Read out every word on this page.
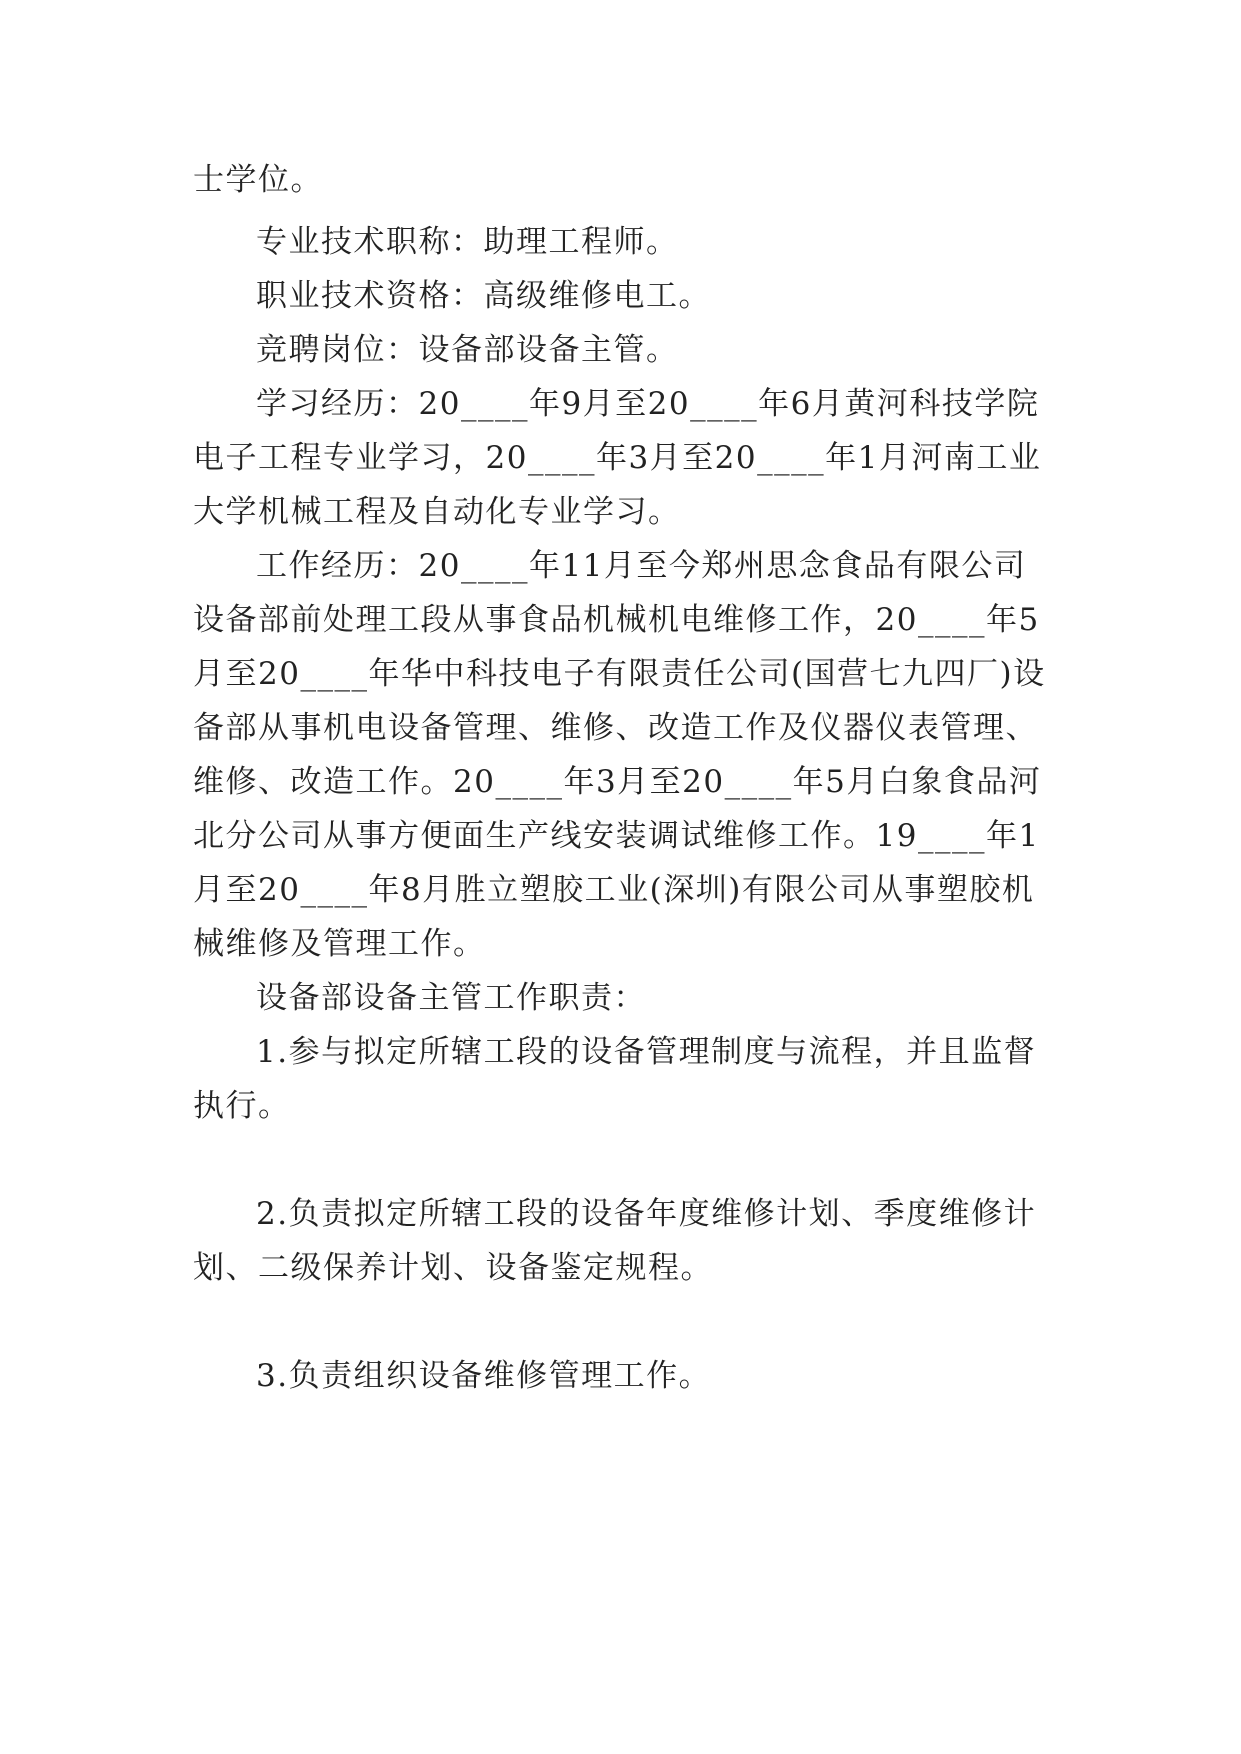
士学位。
专业技术职称：助理工程师。
职业技术资格：高级维修电工。
竞聘岗位：设备部设备主管。
学习经历：20____年9月至20____年6月黄河科技学院
电子工程专业学习，20____年3月至20____年1月河南工业
大学机械工程及自动化专业学习。
工作经历：20____年11月至今郑州思念食品有限公司
设备部前处理工段从事食品机械机电维修工作，20____年5
月至20____年华中科技电子有限责任公司(国营七九四厂)设
备部从事机电设备管理、维修、改造工作及仪器仪表管理、
维修、改造工作。20____年3月至20____年5月白象食品河
北分公司从事方便面生产线安装调试维修工作。19____年1
月至20____年8月胜立塑胶工业(深圳)有限公司从事塑胶机
械维修及管理工作。
设备部设备主管工作职责：
1.参与拟定所辖工段的设备管理制度与流程，并且监督
执行。
2.负责拟定所辖工段的设备年度维修计划、季度维修计
划、二级保养计划、设备鉴定规程。
3.负责组织设备维修管理工作。
